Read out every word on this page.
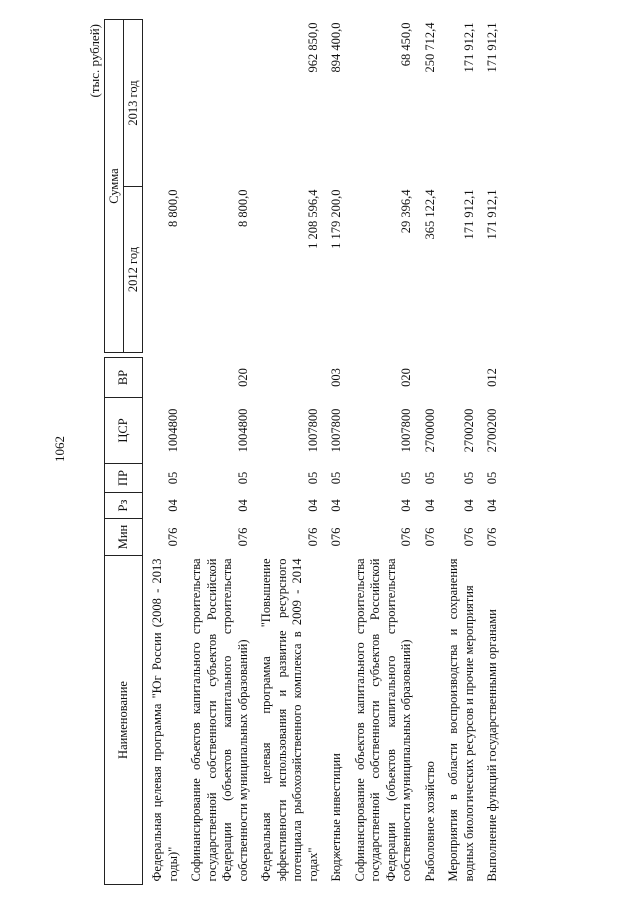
1062
(тыс. рублей)
Наименование	Мин	Рз	ПР	ЦСР	ВР		Сумма	
							2012 год	2013 год
Федеральная целевая программа "Юг России (2008 - 2013 годы)"	076	04	05	1004800			8 800,0	
Софинансирование объектов капитального строительства государственной собственности субъектов Российской Федерации (объектов капитального строительства собственности муниципальных образований)	076	04	05	1004800	020		8 800,0	
Федеральная целевая программа "Повышение эффективности использования и развитие ресурсного потенциала рыбохозяйственного комплекса в 2009 - 2014 годах"	076	04	05	1007800			1 208 596,4	962 850,0
Бюджетные инвестиции	076	04	05	1007800	003		1 179 200,0	894 400,0
Софинансирование объектов капитального строительства государственной собственности субъектов Российской Федерации (объектов капитального строительства собственности муниципальных образований)	076	04	05	1007800	020		29 396,4	68 450,0
Рыболовное хозяйство	076	04	05	2700000			365 122,4	250 712,4
Мероприятия в области воспроизводства и сохранения водных биологических ресурсов и прочие мероприятия	076	04	05	2700200			171 912,1	171 912,1
Выполнение функций государственными органами	076	04	05	2700200	012		171 912,1	171 912,1
